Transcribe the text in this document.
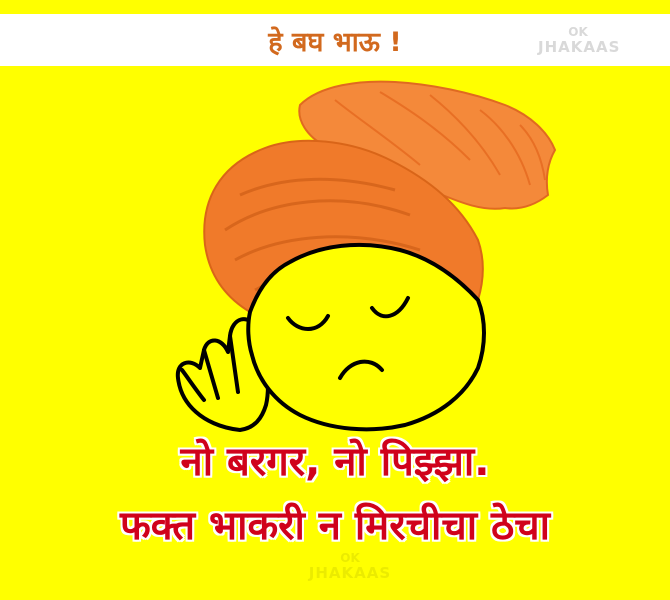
हे बघ भाऊ !	OK
JHAKAAS
नो बरगर, नो पिझ्झा.
फक्त भाकरी न मिरचीचा ठेचा
OK
JHAKAAS
